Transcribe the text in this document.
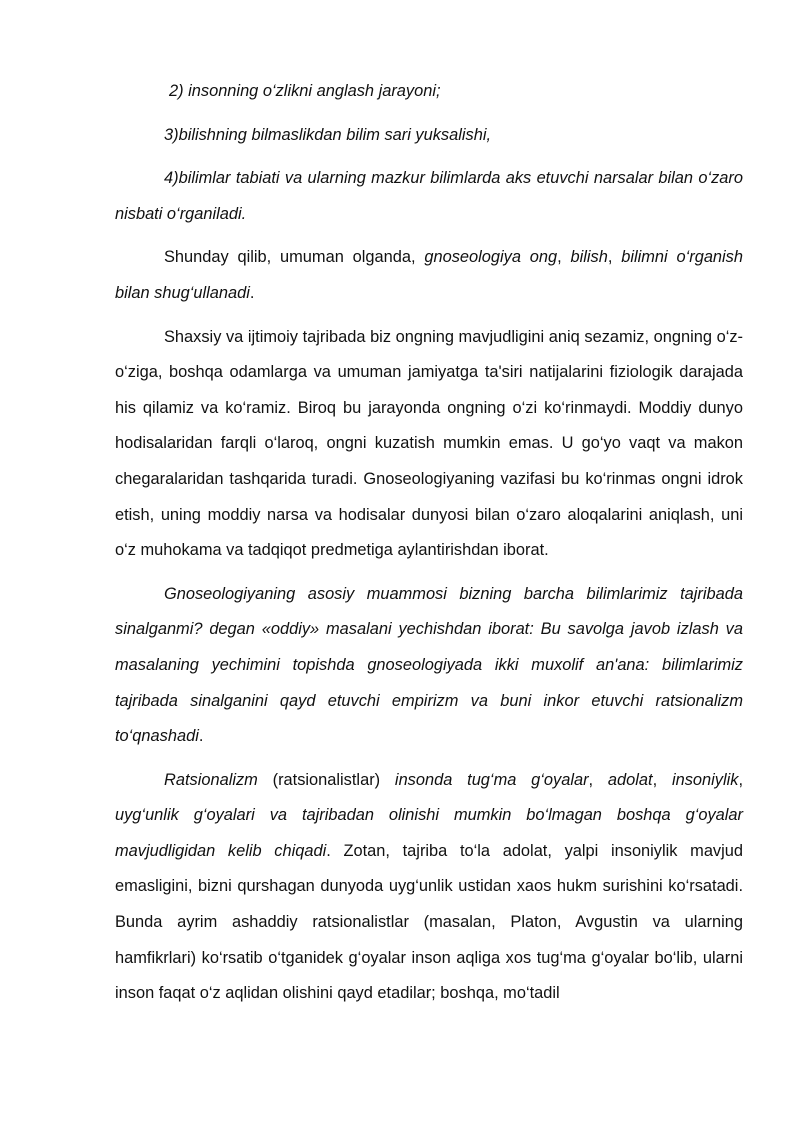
2) insonning o‘zlikni anglash jarayoni;

3)bilishning bilmaslikdan bilim sari yuksalishi,

4)bilimlar tabiati va ularning mazkur bilimlarda aks etuvchi narsalar bilan o‘zaro nisbati o‘rganiladi.

Shunday qilib, umuman olganda, gnoseologiya ong, bilish, bilimni o‘rganish bilan shug‘ullanadi.

Shaxsiy va ijtimoiy tajribada biz ongning mavjudligini aniq sezamiz, ongning o‘z-o‘ziga, boshqa odamlarga va umuman jamiyatga ta'siri natijalarini fiziologik darajada his qilamiz va ko‘ramiz. Biroq bu jarayonda ongning o‘zi ko‘rinmaydi. Moddiy dunyo hodisalaridan farqli o‘laroq, ongni kuzatish mumkin emas. U go‘yo vaqt va makon chegaralaridan tashqarida turadi. Gnoseologiyaning vazifasi bu ko‘rinmas ongni idrok etish, uning moddiy narsa va hodisalar dunyosi bilan o‘zaro aloqalarini aniqlash, uni o‘z muhokama va tadqiqot predmetiga aylantirishdan iborat.

Gnoseologiyaning asosiy muammosi bizning barcha bilimlarimiz tajribada sinalganmi? degan «oddiy» masalani yechishdan iborat: Bu savolga javob izlash va masalaning yechimini topishda gnoseologiyada ikki muxolif an'ana: bilimlarimiz tajribada sinalganini qayd etuvchi empirizm va buni inkor etuvchi ratsionalizm to‘qnashadi.

Ratsionalizm (ratsionalistlar) insonda tug‘ma g‘oyalar, adolat, insoniylik, uyg‘unlik g‘oyalari va tajribadan olinishi mumkin bo‘lmagan boshqa g‘oyalar mavjudligidan kelib chiqadi. Zotan, tajriba to‘la adolat, yalpi insoniylik mavjud emasligini, bizni qurshagan dunyoda uyg‘unlik ustidan xaos hukm surishini ko‘rsatadi. Bunda ayrim ashaddiy ratsionalistlar (masalan, Platon, Avgustin va ularning hamfikrlari) ko‘rsatib o‘tganidek g‘oyalar inson aqliga xos tug‘ma g‘oyalar bo‘lib, ularni inson faqat o‘z aqlidan olishini qayd etadilar; boshqa, mo‘tadil
